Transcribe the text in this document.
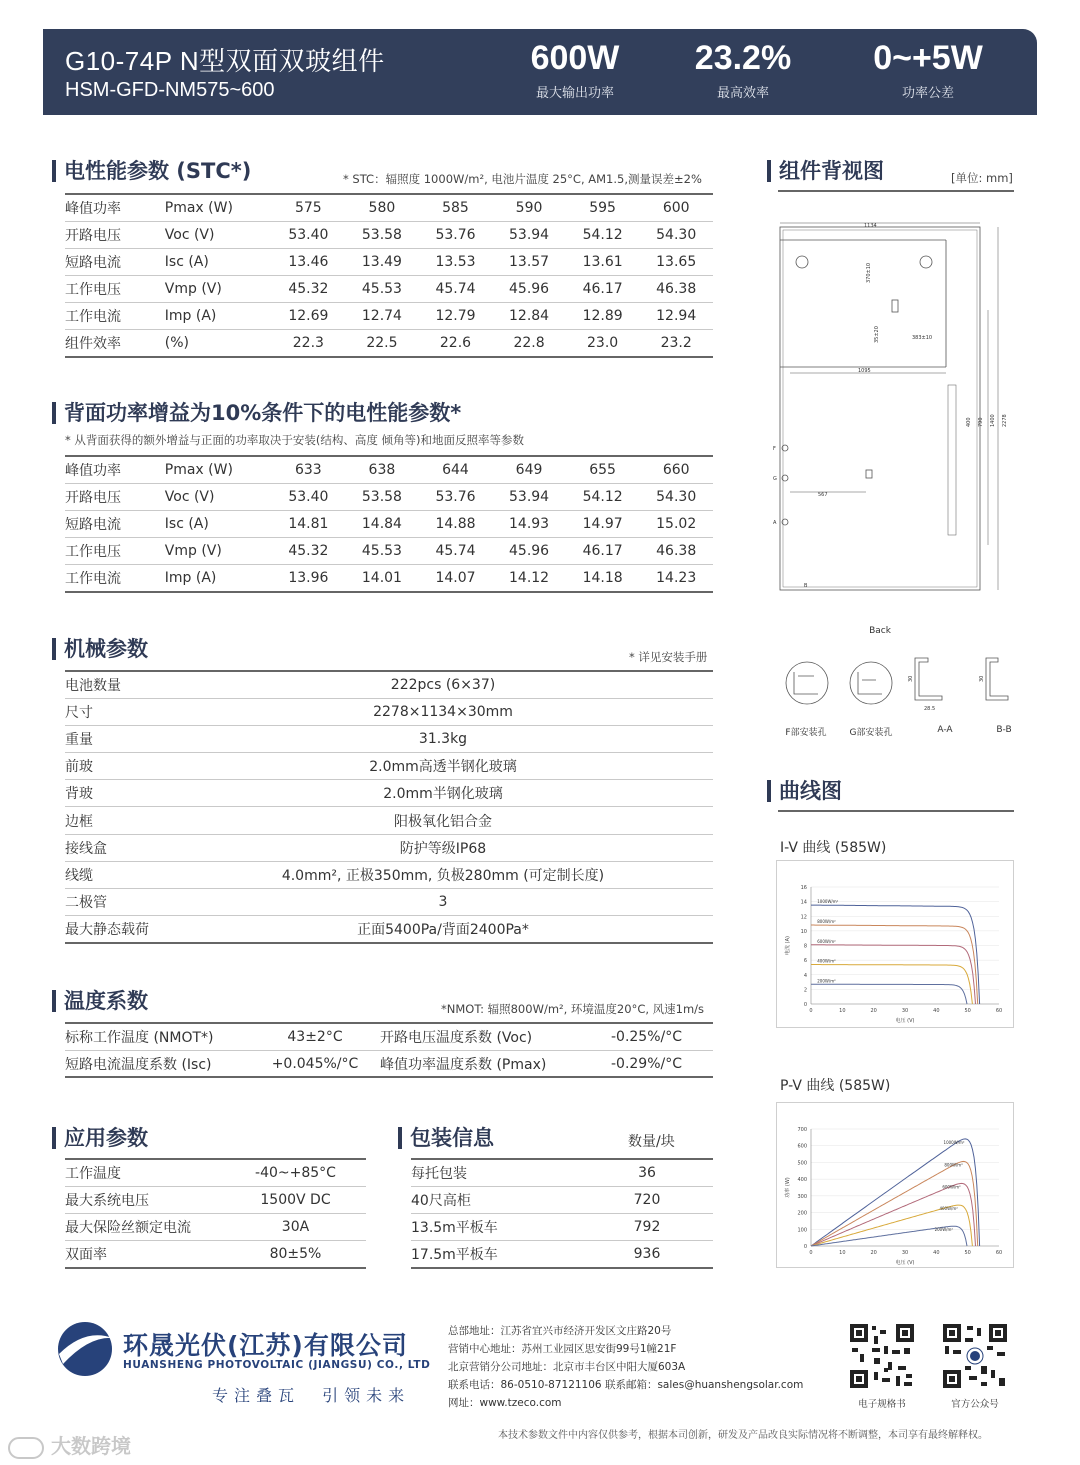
G10-74P N型双面双玻组件
HSM-GFD-NM575~600
600W
最大输出功率
23.2%
最高效率
0~+5W
功率公差
电性能参数 (STC*)	* STC：辐照度 1000W/m², 电池片温度 25°C, AM1.5,测量误差±2%
峰值功率	Pmax (W)	575	580	585	590	595	600
开路电压	Voc (V)	53.40	53.58	53.76	53.94	54.12	54.30
短路电流	Isc (A)	13.46	13.49	13.53	13.57	13.61	13.65
工作电压	Vmp (V)	45.32	45.53	45.74	45.96	46.17	46.38
工作电流	Imp (A)	12.69	12.74	12.79	12.84	12.89	12.94
组件效率	(%)	22.3	22.5	22.6	22.8	23.0	23.2
背面功率增益为10%条件下的电性能参数*
* 从背面获得的额外增益与正面的功率取决于安装(结构、高度 倾角等)和地面反照率等参数
峰值功率	Pmax (W)	633	638	644	649	655	660
开路电压	Voc (V)	53.40	53.58	53.76	53.94	54.12	54.30
短路电流	Isc (A)	14.81	14.84	14.88	14.93	14.97	15.02
工作电压	Vmp (V)	45.32	45.53	45.74	45.96	46.17	46.38
工作电流	Imp (A)	13.96	14.01	14.07	14.12	14.18	14.23
机械参数	* 详见安装手册
电池数量	222pcs (6×37)	
尺寸	2278×1134×30mm	
重量	31.3kg	
前玻	2.0mm高透半钢化玻璃	
背玻	2.0mm半钢化玻璃	
边框	阳极氧化铝合金	
接线盒	防护等级IP68	
线缆	4.0mm², 正极350mm, 负极280mm (可定制长度)	
二极管	3	
最大静态载荷	正面5400Pa/背面2400Pa*	
温度系数	*NMOT: 辐照800W/m², 环境温度20°C, 风速1m/s
标称工作温度 (NMOT*)	43±2°C	开路电压温度系数 (Voc)	-0.25%/°C
短路电流温度系数 (Isc)	+0.045%/°C	峰值功率温度系数 (Pmax)	-0.29%/°C
应用参数
工作温度	-40~+85°C
最大系统电压	1500V DC
最大保险丝额定电流	30A
双面率	80±5%
包装信息	数量/块
每托包装	36
40尺高柜	720
13.5m平板车	792
17.5m平板车	936
组件背视图	[单位: mm]
1134
1095
383±10
567
370±10
35±20
400 790 1400 2278
F
G
A
B
Back
28.5
30	30
F部安装孔	G部安装孔	A-A	B-B
曲线图
I-V 曲线 (585W)
0
2
4
6
8
10
12
14
16
0	10	20	30	40	50	60
电压 (V)
电流 (A)
1000W/m²
800W/m²
600W/m²
400W/m²
200W/m²
P-V 曲线 (585W)
0
100
200
300
400
500
600
700
0	10	20	30	40	50	60
电压 (V)
功率 (W)
1000W/m²
800W/m²
600W/m²
400W/m²
200W/m²
环晟光伏(江苏)有限公司
HUANSHENG PHOTOVOLTAIC (JIANGSU) CO., LTD
专注叠瓦  引领未来
总部地址：江苏省宜兴市经济开发区文庄路20号
营销中心地址：苏州工业园区思安街99号1幢21F
北京营销分公司地址：北京市丰台区中阳大厦603A
联系电话：86-0510-87121106 联系邮箱：sales@huanshengsolar.com
网址：www.tzeco.com	电子规格书	官方公众号
本技术参数文件中内容仅供参考，根据本司创新，研发及产品改良实际情况将不断调整，本司享有最终解释权。
大数跨境
